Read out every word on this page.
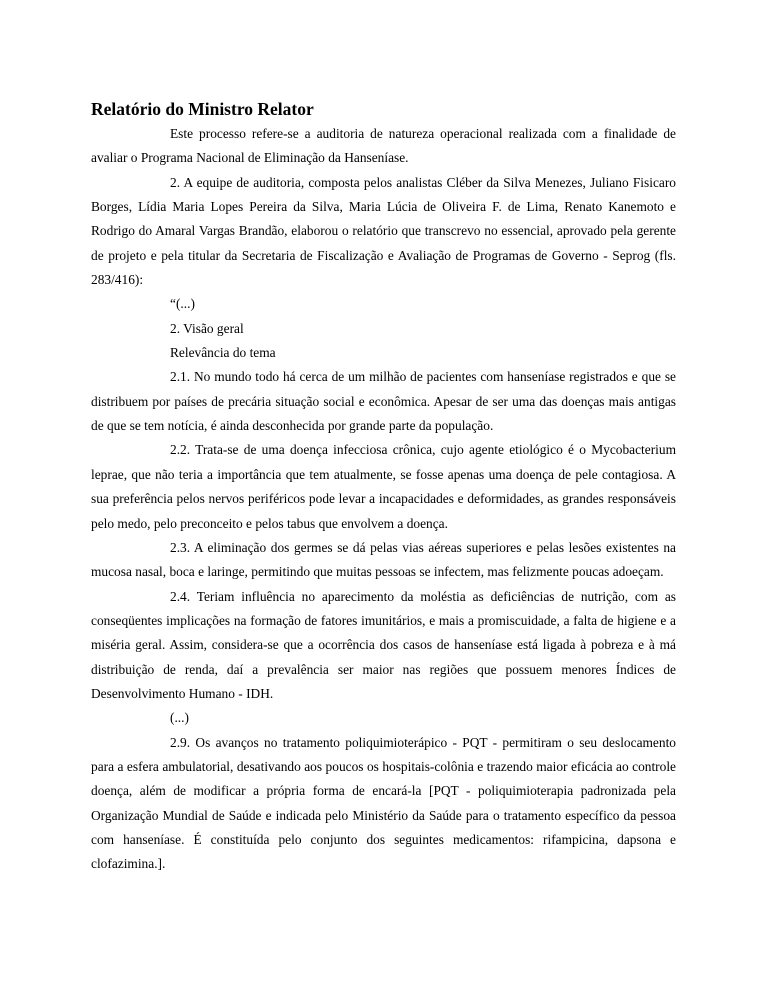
Relatório do Ministro Relator

Este processo refere-se a auditoria de natureza operacional realizada com a finalidade de avaliar o Programa Nacional de Eliminação da Hanseníase.

2. A equipe de auditoria, composta pelos analistas Cléber da Silva Menezes, Juliano Fisicaro Borges, Lídia Maria Lopes Pereira da Silva, Maria Lúcia de Oliveira F. de Lima, Renato Kanemoto e Rodrigo do Amaral Vargas Brandão, elaborou o relatório que transcrevo no essencial, aprovado pela gerente de projeto e pela titular da Secretaria de Fiscalização e Avaliação de Programas de Governo - Seprog (fls. 283/416):

“(...)

2. Visão geral

Relevância do tema

2.1. No mundo todo há cerca de um milhão de pacientes com hanseníase registrados e que se distribuem por países de precária situação social e econômica. Apesar de ser uma das doenças mais antigas de que se tem notícia, é ainda desconhecida por grande parte da população.

2.2. Trata-se de uma doença infecciosa crônica, cujo agente etiológico é o Mycobacterium leprae, que não teria a importância que tem atualmente, se fosse apenas uma doença de pele contagiosa. A sua preferência pelos nervos periféricos pode levar a incapacidades e deformidades, as grandes responsáveis pelo medo, pelo preconceito e pelos tabus que envolvem a doença.

2.3. A eliminação dos germes se dá pelas vias aéreas superiores e pelas lesões existentes na mucosa nasal, boca e laringe, permitindo que muitas pessoas se infectem, mas felizmente poucas adoeçam.

2.4. Teriam influência no aparecimento da moléstia as deficiências de nutrição, com as conseqüentes implicações na formação de fatores imunitários, e mais a promiscuidade, a falta de higiene e a miséria geral. Assim, considera-se que a ocorrência dos casos de hanseníase está ligada à pobreza e à má distribuição de renda, daí a prevalência ser maior nas regiões que possuem menores Índices de Desenvolvimento Humano - IDH.

(...)

2.9. Os avanços no tratamento poliquimioterápico - PQT - permitiram o seu deslocamento para a esfera ambulatorial, desativando aos poucos os hospitais-colônia e trazendo maior eficácia ao controle doença, além de modificar a própria forma de encará-la [PQT - poliquimioterapia padronizada pela Organização Mundial de Saúde e indicada pelo Ministério da Saúde para o tratamento específico da pessoa com hanseníase. É constituída pelo conjunto dos seguintes medicamentos: rifampicina, dapsona e clofazimina.].
